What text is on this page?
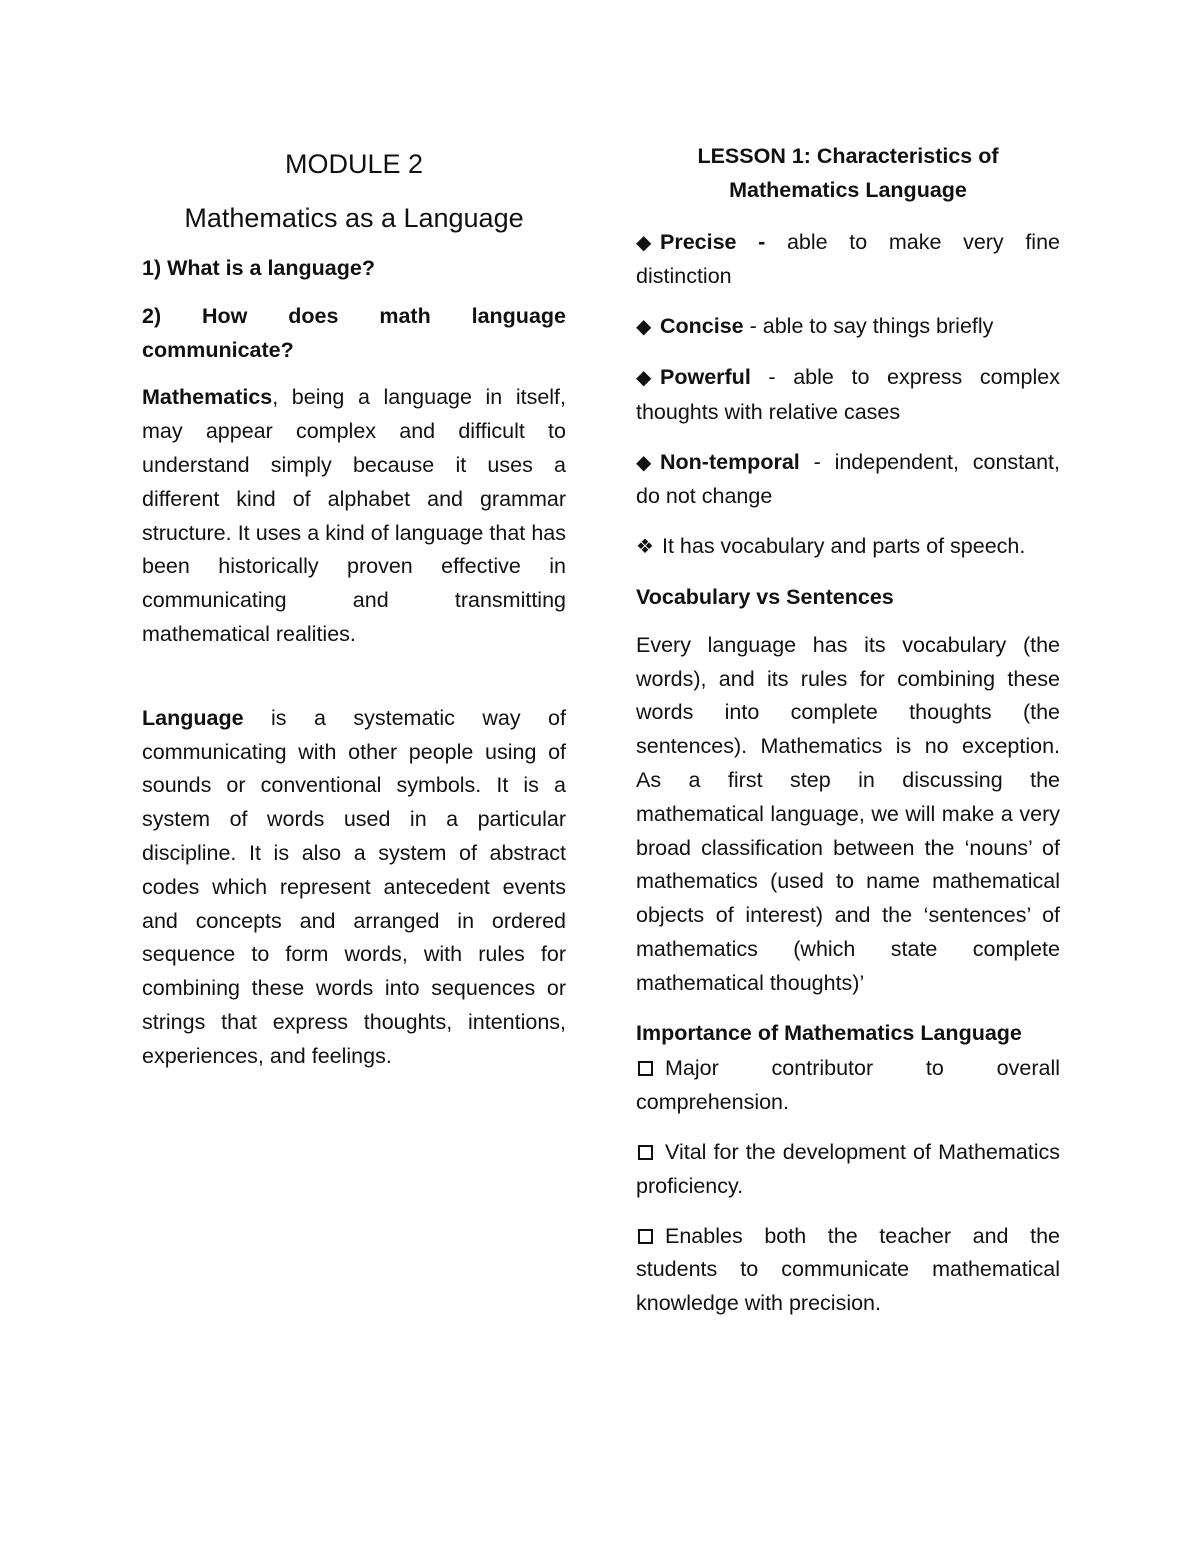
MODULE 2
Mathematics as a Language
1) What is a language?
2) How does math language communicate?

Mathematics, being a language in itself, may appear complex and difficult to understand simply because it uses a different kind of alphabet and grammar structure. It uses a kind of language that has been historically proven effective in communicating and transmitting mathematical realities.

Language is a systematic way of communicating with other people using of sounds or conventional symbols. It is a system of words used in a particular discipline. It is also a system of abstract codes which represent antecedent events and concepts and arranged in ordered sequence to form words, with rules for combining these words into sequences or strings that express thoughts, intentions, experiences, and feelings.

LESSON 1: Characteristics of
Mathematics Language

◆ Precise - able to make very fine distinction

◆ Concise - able to say things briefly

◆ Powerful - able to express complex thoughts with relative cases

◆ Non-temporal - independent, constant, do not change

❖ It has vocabulary and parts of speech.

Vocabulary vs Sentences

Every language has its vocabulary (the words), and its rules for combining these words into complete thoughts (the sentences). Mathematics is no exception. As a first step in discussing the mathematical language, we will make a very broad classification between the ‘nouns’ of mathematics (used to name mathematical objects of interest) and the ‘sentences’ of mathematics (which state complete mathematical thoughts)’

Importance of Mathematics Language

Major contributor to overall comprehension.

Vital for the development of Mathematics proficiency.

Enables both the teacher and the students to communicate mathematical knowledge with precision.
